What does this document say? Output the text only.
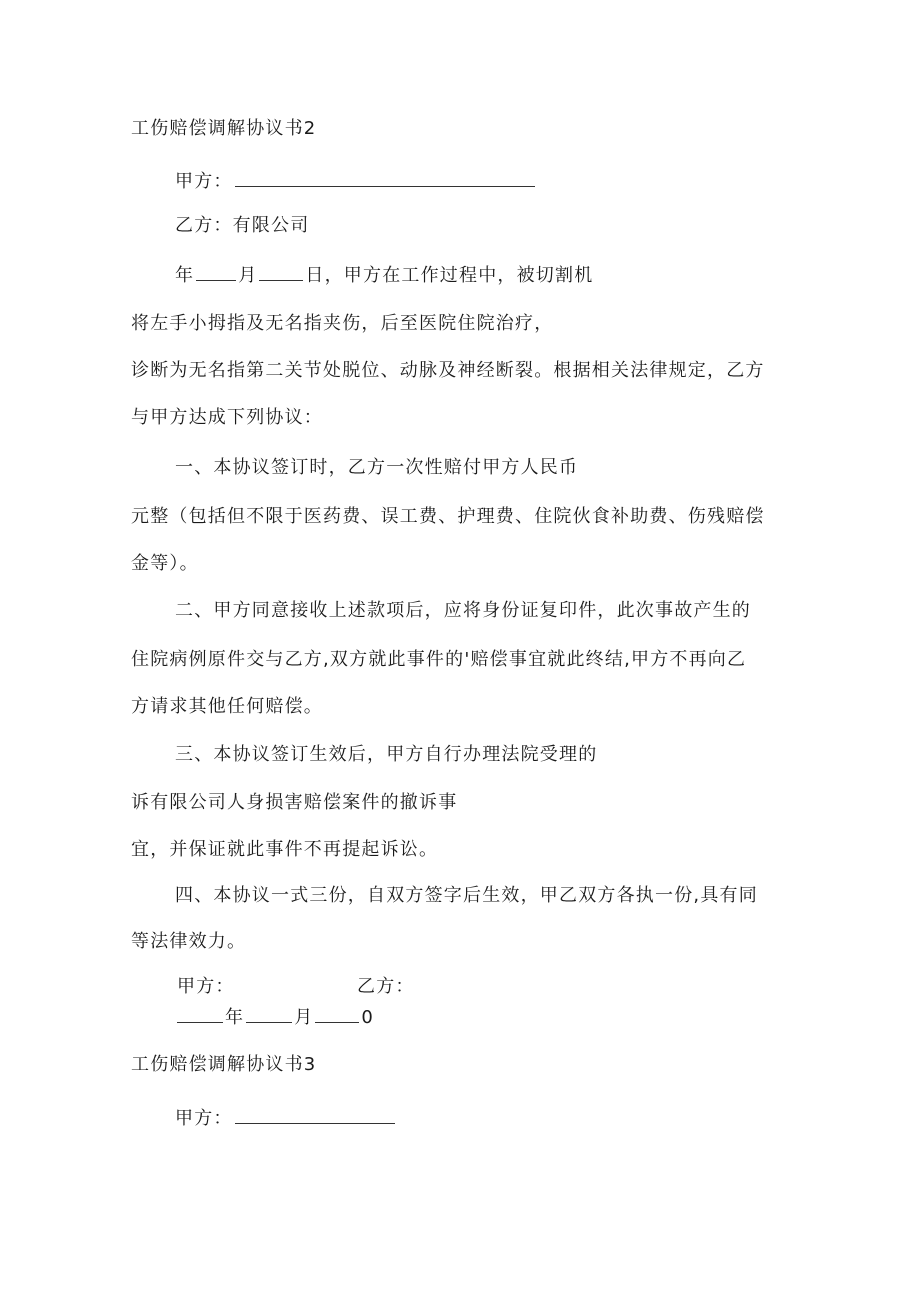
工伤赔偿调解协议书2
甲方：
乙方：有限公司
年 月	日，甲方在工作过程中，被切割机
将左手小拇指及无名指夹伤，后至医院住院治疗，
诊断为无名指第二关节处脱位、动脉及神经断裂。根据相关法律规定，乙方
与甲方达成下列协议：
一、本协议签订时，乙方一次性赔付甲方人民币
元整（包括但不限于医药费、误工费、护理费、住院伙食补助费、伤残赔偿
金等）。
二、甲方同意接收上述款项后，应将身份证复印件，此次事故产生的
住院病例原件交与乙方,双方就此事件的'赔偿事宜就此终结,甲方不再向乙
方请求其他任何赔偿。
三、本协议签订生效后，甲方自行办理法院受理的
诉有限公司人身损害赔偿案件的撤诉事
宜，并保证就此事件不再提起诉讼。
四、本协议一式三份，自双方签字后生效，甲乙双方各执一份,具有同
等法律效力。
甲方：	乙方：
年	月	0
工伤赔偿调解协议书3
甲方：
